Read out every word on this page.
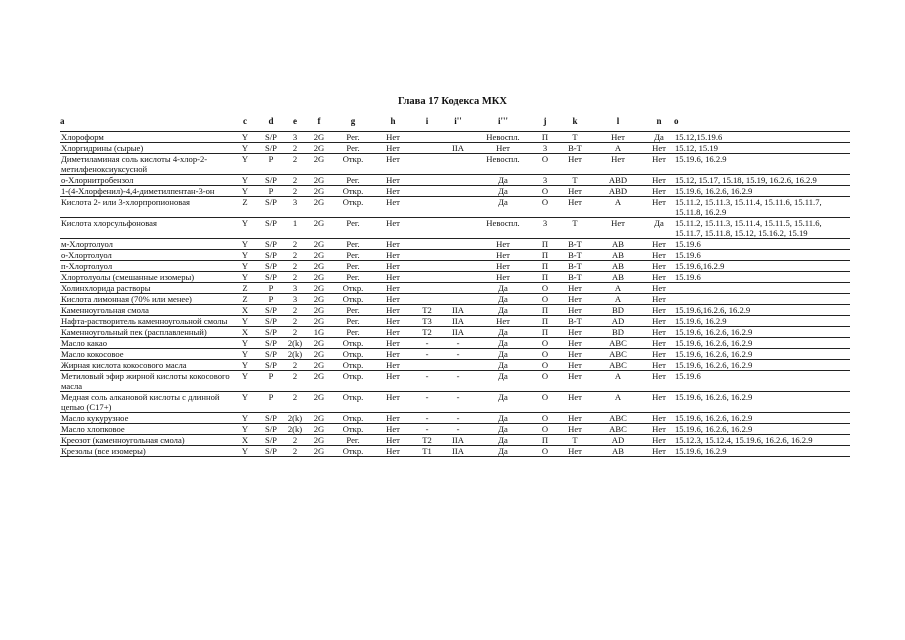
Глава 17 Кодекса МКХ
a	c	d	e	f	g	h	i	i''	i'''	j	k	l	n	o
Хлороформ	Y	S/P	3	2G	Рег.	Нет			Невоспл.	П	Т	Нет	Да	15.12,15.19.6
Хлоргидрины (сырые)	Y	S/P	2	2G	Рег.	Нет		IIA	Нет	3	В-Т	А	Нет	15.12, 15.19
Диметиламиная соль кислоты 4-хлор-2-метилфеноксиуксусной	Y	P	2	2G	Откр.	Нет			Невоспл.	О	Нет	Нет	Нет	15.19.6, 16.2.9
о-Хлорнитробензол	Y	S/P	2	2G	Рег.	Нет			Да	3	Т	ABD	Нет	15.12, 15.17, 15.18, 15.19, 16.2.6, 16.2.9
1-(4-Хлорфенил)-4,4-диметилпентан-3-он	Y	P	2	2G	Откр.	Нет			Да	О	Нет	ABD	Нет	15.19.6, 16.2.6, 16.2.9
Кислота 2- или 3-хлорпропионовая	Z	S/P	3	2G	Откр.	Нет			Да	О	Нет	А	Нет	15.11.2, 15.11.3, 15.11.4, 15.11.6, 15.11.7, 15.11.8, 16.2.9
Кислота хлорсульфоновая	Y	S/P	1	2G	Рег.	Нет			Невоспл.	3	Т	Нет	Да	15.11.2, 15.11.3, 15.11.4, 15.11.5, 15.11.6, 15.11.7, 15.11.8, 15.12, 15.16.2, 15.19
м-Хлортолуол	Y	S/P	2	2G	Рег.	Нет			Нет	П	В-Т	AB	Нет	15.19.6
о-Хлортолуол	Y	S/P	2	2G	Рег.	Нет			Нет	П	В-Т	AB	Нет	15.19.6
п-Хлортолуол	Y	S/P	2	2G	Рег.	Нет			Нет	П	В-Т	AB	Нет	15.19.6,16.2.9
Хлортолуолы (смешанные изомеры)	Y	S/P	2	2G	Рег.	Нет			Нет	П	В-Т	AB	Нет	15.19.6
Холинхлорида растворы	Z	P	3	2G	Откр.	Нет			Да	О	Нет	А	Нет	
Кислота лимонная (70% или менее)	Z	P	3	2G	Откр.	Нет			Да	О	Нет	А	Нет	
Каменноугольная смола	X	S/P	2	2G	Рег.	Нет	Т2	IIA	Да	П	Нет	BD	Нет	15.19.6,16.2.6, 16.2.9
Нафта-растворитель каменноугольной смолы	Y	S/P	2	2G	Рег.	Нет	Т3	IIA	Нет	П	В-Т	AD	Нет	15.19.6, 16.2.9
Каменноугольный пек (расплавленный)	X	S/P	2	1G	Рег.	Нет	Т2	IIA	Да	П	Нет	BD	Нет	15.19.6, 16.2.6, 16.2.9
Масло какао	Y	S/P	2(k)	2G	Откр.	Нет	-	-	Да	О	Нет	ABC	Нет	15.19.6, 16.2.6, 16.2.9
Масло кокосовое	Y	S/P	2(k)	2G	Откр.	Нет	-	-	Да	О	Нет	ABC	Нет	15.19.6, 16.2.6, 16.2.9
Жирная кислота кокосового масла	Y	S/P	2	2G	Откр.	Нет			Да	О	Нет	ABC	Нет	15.19.6, 16.2.6, 16.2.9
Метиловый эфир жирной кислоты кокосового масла	Y	P	2	2G	Откр.	Нет	-	-	Да	О	Нет	А	Нет	15.19.6
Медная соль алкановой кислоты с длинной цепью (С17+)	Y	P	2	2G	Откр.	Нет	-	-	Да	О	Нет	А	Нет	15.19.6, 16.2.6, 16.2.9
Масло кукурузное	Y	S/P	2(k)	2G	Откр.	Нет	-	-	Да	О	Нет	ABC	Нет	15.19.6, 16.2.6, 16.2.9
Масло хлопковое	Y	S/P	2(k)	2G	Откр.	Нет	-	-	Да	О	Нет	ABC	Нет	15.19.6, 16.2.6, 16.2.9
Креозот (каменноугольная смола)	X	S/P	2	2G	Рег.	Нет	Т2	IIA	Да	П	Т	AD	Нет	15.12.3, 15.12.4, 15.19.6, 16.2.6, 16.2.9
Крезолы (все изомеры)	Y	S/P	2	2G	Откр.	Нет	T1	IIA	Да	О	Нет	AB	Нет	15.19.6, 16.2.9
